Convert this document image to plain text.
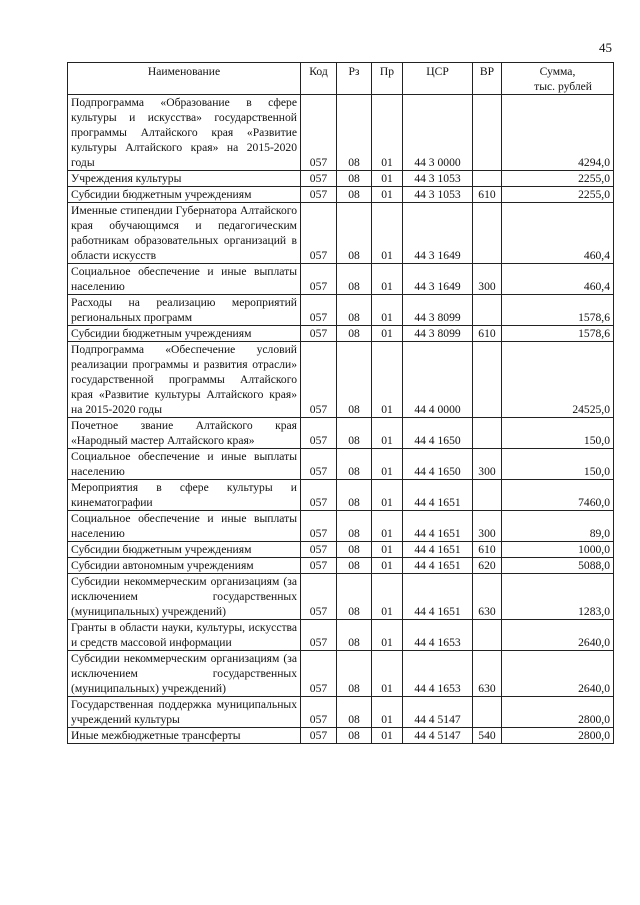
45
Наименование	Код	Рз	Пр	ЦСР	ВР	Сумма,
тыс. рублей

Подпрограмма «Образование в сфере культуры и искусства» государственной программы Алтайского края «Развитие культуры Алтайского края» на 2015-2020 годы	057	08	01	44 3 0000		4294,0
Учреждения культуры	057	08	01	44 3 1053		2255,0
Субсидии бюджетным учреждениям	057	08	01	44 3 1053	610	2255,0
Именные стипендии Губернатора Алтайского края обучающимся и педагогическим работникам образовательных организаций в области искусств	057	08	01	44 3 1649		460,4
Социальное обеспечение и иные выплаты населению	057	08	01	44 3 1649	300	460,4
Расходы на реализацию мероприятий региональных программ	057	08	01	44 3 8099		1578,6
Субсидии бюджетным учреждениям	057	08	01	44 3 8099	610	1578,6
Подпрограмма «Обеспечение условий реализации программы и развития отрасли» государственной программы Алтайского края «Развитие культуры Алтайского края» на 2015-2020 годы	057	08	01	44 4 0000		24525,0
Почетное звание Алтайского края «Народный мастер Алтайского края»	057	08	01	44 4 1650		150,0
Социальное обеспечение и иные выплаты населению	057	08	01	44 4 1650	300	150,0
Мероприятия в сфере культуры и кинематографии	057	08	01	44 4 1651		7460,0
Социальное обеспечение и иные выплаты населению	057	08	01	44 4 1651	300	89,0
Субсидии бюджетным учреждениям	057	08	01	44 4 1651	610	1000,0
Субсидии автономным учреждениям	057	08	01	44 4 1651	620	5088,0
Субсидии некоммерческим организациям (за исключением государственных (муниципальных) учреждений)	057	08	01	44 4 1651	630	1283,0
Гранты в области науки, культуры, искусства и средств массовой информации	057	08	01	44 4 1653		2640,0
Субсидии некоммерческим организациям (за исключением государственных (муниципальных) учреждений)	057	08	01	44 4 1653	630	2640,0
Государственная поддержка муниципальных учреждений культуры	057	08	01	44 4 5147		2800,0
Иные межбюджетные трансферты	057	08	01	44 4 5147	540	2800,0
